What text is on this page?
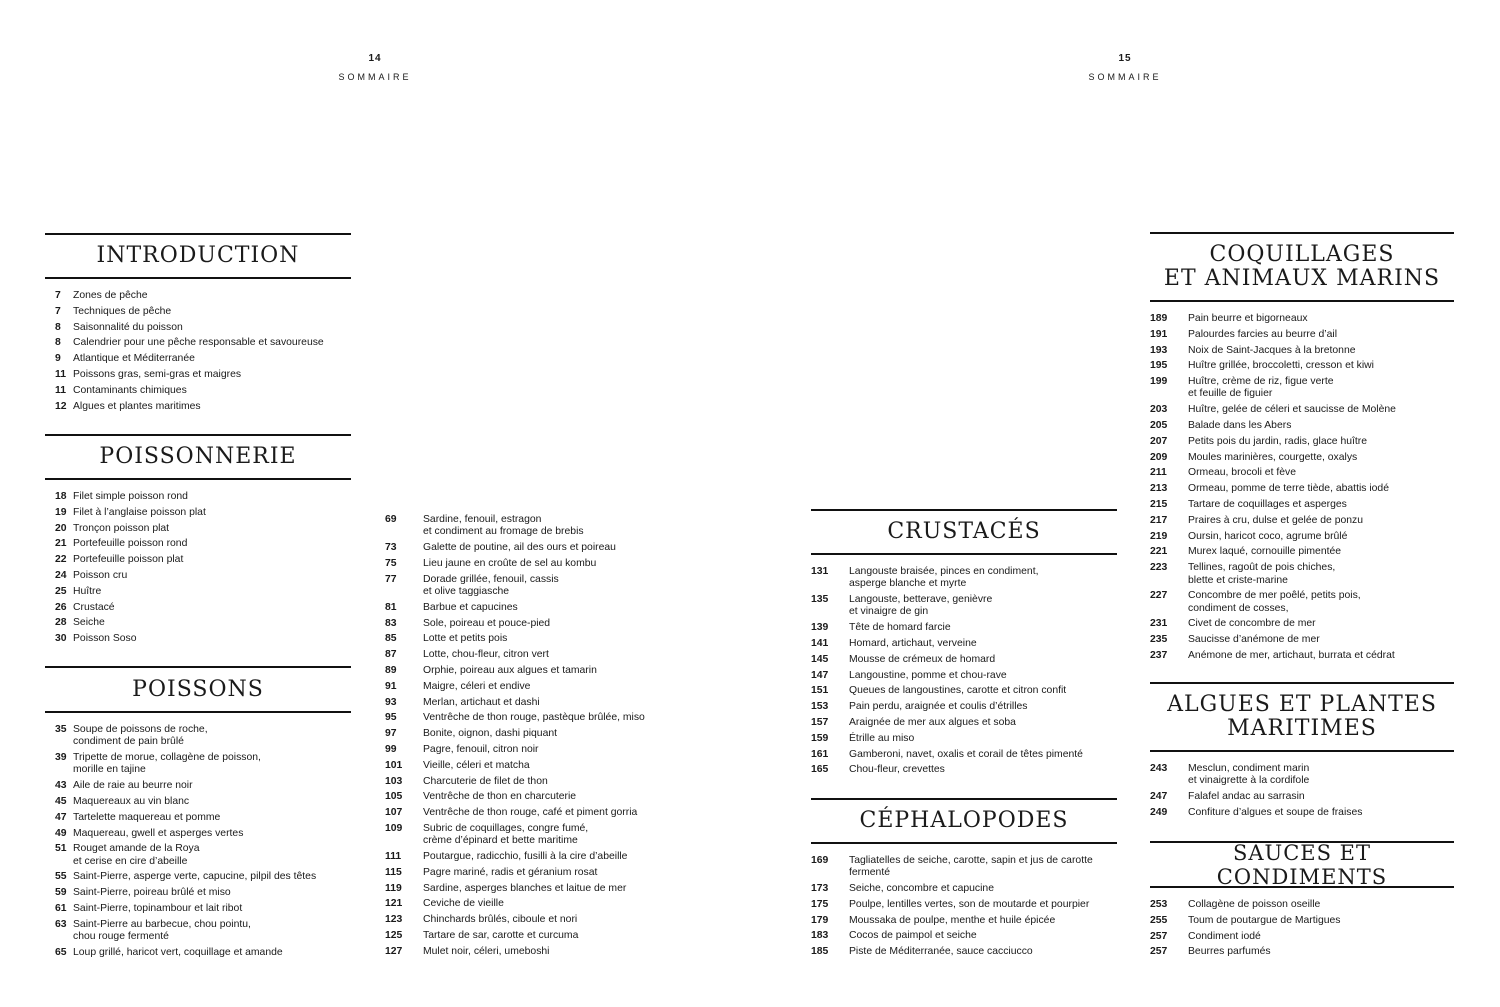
14
SOMMAIRE
15
SOMMAIRE
INTRODUCTION
7	Zones de pêche
7	Techniques de pêche
8	Saisonnalité du poisson
8	Calendrier pour une pêche responsable et savoureuse
9	Atlantique et Méditerranée
11 Poissons gras, semi-gras et maigres
11 Contaminants chimiques
12 Algues et plantes maritimes
POISSONNERIE
18 Filet simple poisson rond
19 Filet à l’anglaise poisson plat
20 Tronçon poisson plat
21 Portefeuille poisson rond
22 Portefeuille poisson plat
24 Poisson cru
25 Huître
26 Crustacé
28 Seiche
30 Poisson Soso
POISSONS
35 Soupe de poissons de roche,
condiment de pain brûlé
39 Tripette de morue, collagène de poisson,
morille en tajine
43 Aile de raie au beurre noir
45 Maquereaux au vin blanc
47 Tartelette maquereau et pomme
49 Maquereau, gwell et asperges vertes
51 Rouget amande de la Roya
et cerise en cire d’abeille
55 Saint-Pierre, asperge verte, capucine, pilpil des têtes
59 Saint-Pierre, poireau brûlé et miso
61 Saint-Pierre, topinambour et lait ribot
63 Saint-Pierre au barbecue, chou pointu,
chou rouge fermenté
65 Loup grillé, haricot vert, coquillage et amande
69	Sardine, fenouil, estragon
et condiment au fromage de brebis
73	Galette de poutine, ail des ours et poireau
75	Lieu jaune en croûte de sel au kombu
77	Dorade grillée, fenouil, cassis
et olive taggiasche
81	Barbue et capucines
83	Sole, poireau et pouce-pied
85	Lotte et petits pois
87	Lotte, chou-fleur, citron vert
89	Orphie, poireau aux algues et tamarin
91	Maigre, céleri et endive
93	Merlan, artichaut et dashi
95	Ventrêche de thon rouge, pastèque brûlée, miso
97	Bonite, oignon, dashi piquant
99	Pagre, fenouil, citron noir
101	Vieille, céleri et matcha
103	Charcuterie de filet de thon
105	Ventrêche de thon en charcuterie
107	Ventrêche de thon rouge, café et piment gorria
109	Subric de coquillages, congre fumé,
crème d’épinard et bette maritime
111	Poutargue, radicchio, fusilli à la cire d’abeille
115	Pagre mariné, radis et géranium rosat
119	Sardine, asperges blanches et laitue de mer
121	Ceviche de vieille
123	Chinchards brûlés, ciboule et nori
125	Tartare de sar, carotte et curcuma
127	Mulet noir, céleri, umeboshi
CRUSTACÉS
131	Langouste braisée, pinces en condiment,
asperge blanche et myrte
135	Langouste, betterave, genièvre
et vinaigre de gin
139	Tête de homard farcie
141	Homard, artichaut, verveine
145	Mousse de crémeux de homard
147	Langoustine, pomme et chou-rave
151	Queues de langoustines, carotte et citron confit
153	Pain perdu, araignée et coulis d’étrilles
157	Araignée de mer aux algues et soba
159	Étrille au miso
161	Gamberoni, navet, oxalis et corail de têtes pimenté
165	Chou-fleur, crevettes
CÉPHALOPODES
169	Tagliatelles de seiche, carotte, sapin et jus de carotte
fermenté
173	Seiche, concombre et capucine
175	Poulpe, lentilles vertes, son de moutarde et pourpier
179	Moussaka de poulpe, menthe et huile épicée
183	Cocos de paimpol et seiche
185	Piste de Méditerranée, sauce cacciucco
COQUILLAGES
ET ANIMAUX MARINS
189	Pain beurre et bigorneaux
191	Palourdes farcies au beurre d’ail
193	Noix de Saint-Jacques à la bretonne
195	Huître grillée, broccoletti, cresson et kiwi
199	Huître, crème de riz, figue verte
et feuille de figuier
203	Huître, gelée de céleri et saucisse de Molène
205	Balade dans les Abers
207	Petits pois du jardin, radis, glace huître
209	Moules marinières, courgette, oxalys
211	Ormeau, brocoli et fève
213	Ormeau, pomme de terre tiède, abattis iodé
215	Tartare de coquillages et asperges
217	Praires à cru, dulse et gelée de ponzu
219	Oursin, haricot coco, agrume brûlé
221	Murex laqué, cornouille pimentée
223	Tellines, ragoût de pois chiches,
blette et criste-marine
227	Concombre de mer poêlé, petits pois,
condiment de cosses,
231	Civet de concombre de mer
235	Saucisse d’anémone de mer
237	Anémone de mer, artichaut, burrata et cédrat
ALGUES ET PLANTES
MARITIMES
243	Mesclun, condiment marin
et vinaigrette à la cordifole
247	Falafel andac au sarrasin
249	Confiture d’algues et soupe de fraises
SAUCES ET CONDIMENTS
253	Collagène de poisson oseille
255	Toum de poutargue de Martigues
257	Condiment iodé
257	Beurres parfumés
